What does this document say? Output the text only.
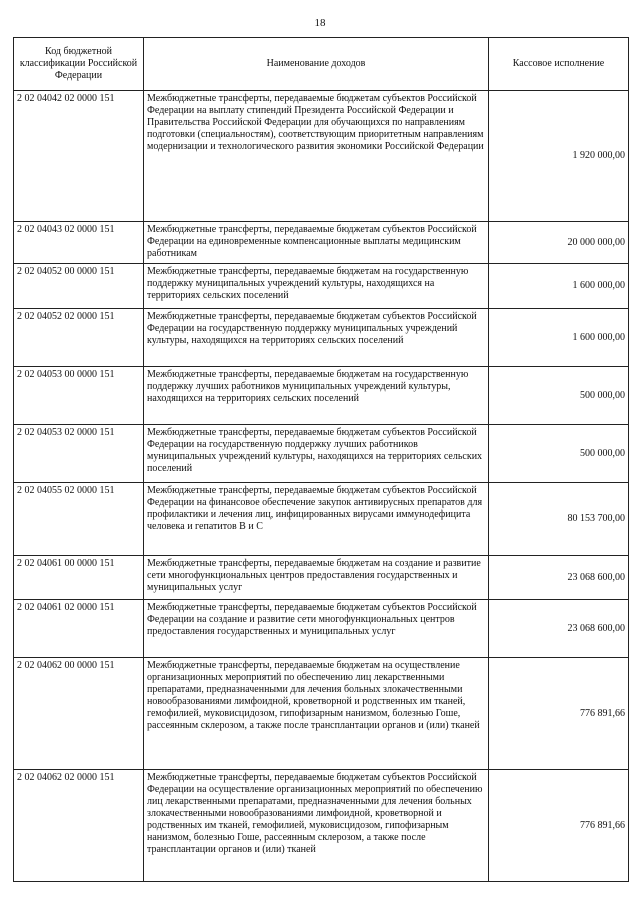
18
Код бюджетной классификации Российской Федерации	Наименование доходов	Кассовое исполнение
2 02 04042 02 0000 151	Межбюджетные трансферты, передаваемые бюджетам субъектов Российской Федерации на выплату стипендий Президента Российской Федерации и Правительства Российской Федерации для обучающихся по направлениям подготовки (специальностям), соответствующим приоритетным направлениям модернизации и технологического развития экономики Российской Федерации	1 920 000,00
2 02 04043 02 0000 151	Межбюджетные трансферты, передаваемые бюджетам субъектов Российской Федерации на единовременные компенсационные выплаты медицинским работникам	20 000 000,00
2 02 04052 00 0000 151	Межбюджетные трансферты, передаваемые бюджетам на государственную поддержку муниципальных учреждений культуры, находящихся на территориях сельских поселений	1 600 000,00
2 02 04052 02 0000 151	Межбюджетные трансферты, передаваемые бюджетам субъектов Российской Федерации на государственную поддержку муниципальных учреждений культуры, находящихся на территориях сельских поселений	1 600 000,00
2 02 04053 00 0000 151	Межбюджетные трансферты, передаваемые бюджетам на государственную поддержку лучших работников муниципальных учреждений культуры, находящихся на территориях сельских поселений	500 000,00
2 02 04053 02 0000 151	Межбюджетные трансферты, передаваемые бюджетам субъектов Российской Федерации на государственную поддержку лучших работников муниципальных учреждений культуры, находящихся на территориях сельских поселений	500 000,00
2 02 04055 02 0000 151	Межбюджетные трансферты, передаваемые бюджетам субъектов Российской Федерации на финансовое обеспечение закупок антивирусных препаратов для профилактики и лечения лиц, инфицированных вирусами иммунодефицита человека и гепатитов B и C	80 153 700,00
2 02 04061 00 0000 151	Межбюджетные трансферты, передаваемые бюджетам на создание и развитие сети многофункциональных центров предоставления государственных и муниципальных услуг	23 068 600,00
2 02 04061 02 0000 151	Межбюджетные трансферты, передаваемые бюджетам субъектов Российской Федерации на создание и развитие сети многофункциональных центров предоставления государственных и муниципальных услуг	23 068 600,00
2 02 04062 00 0000 151	Межбюджетные трансферты, передаваемые бюджетам на осуществление организационных мероприятий по обеспечению лиц лекарственными препаратами, предназначенными для лечения больных злокачественными новообразованиями лимфоидной, кроветворной и родственных им тканей, гемофилией, муковисцидозом, гипофизарным нанизмом, болезнью Гоше, рассеянным склерозом, а также после трансплантации органов и (или) тканей	776 891,66
2 02 04062 02 0000 151	Межбюджетные трансферты, передаваемые бюджетам субъектов Российской Федерации на осуществление организационных мероприятий по обеспечению лиц лекарственными препаратами, предназначенными для лечения больных злокачественными новообразованиями лимфоидной, кроветворной и родственных им тканей, гемофилией, муковисцидозом, гипофизарным нанизмом, болезнью Гоше, рассеянным склерозом, а также после трансплантации органов и (или) тканей	776 891,66
